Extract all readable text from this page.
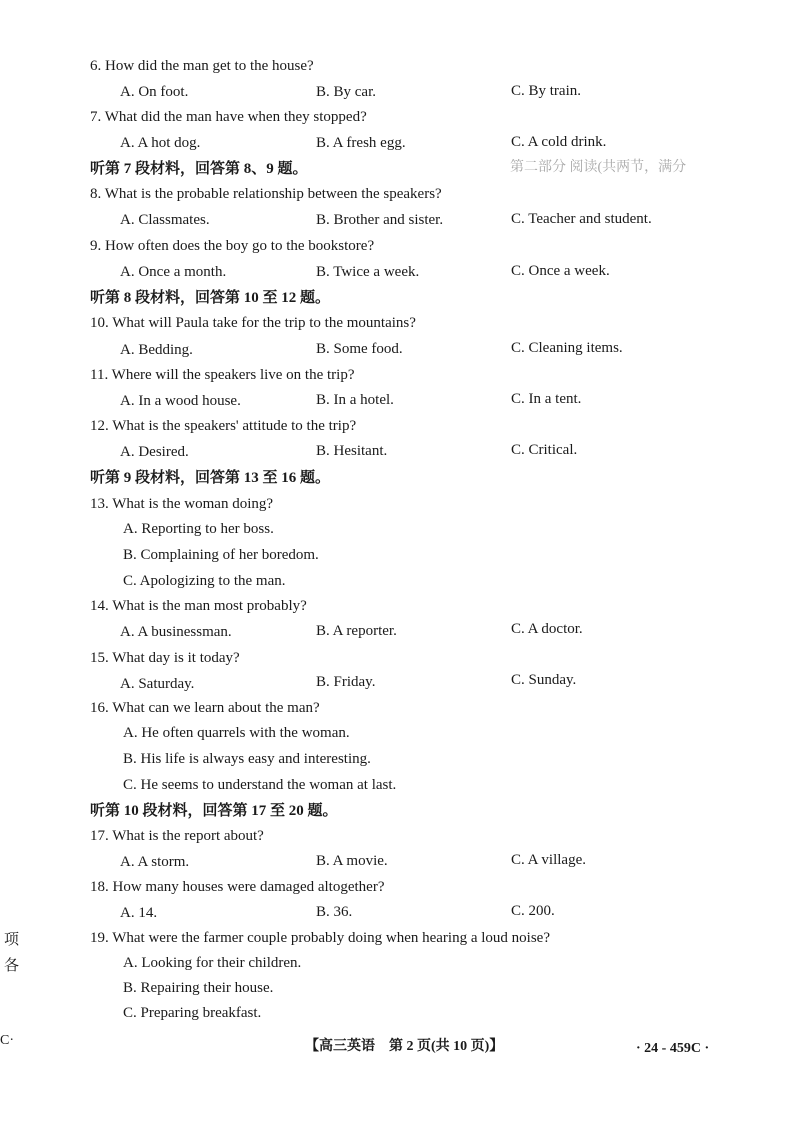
6. How did the man get to the house?
A. On foot.	B. By car.	C. By train.
7. What did the man have when they stopped?
A. A hot dog.	B. A fresh egg.	C. A cold drink.
听第 7 段材料，回答第 8、9 题。	第二部分 阅读(共两节，满分
8. What is the probable relationship between the speakers?
A. Classmates.	B. Brother and sister.	C. Teacher and student.
9. How often does the boy go to the bookstore?
A. Once a month.	B. Twice a week.	C. Once a week.
听第 8 段材料，回答第 10 至 12 题。
10. What will Paula take for the trip to the mountains?
A. Bedding.	B. Some food.	C. Cleaning items.
11. Where will the speakers live on the trip?
A. In a wood house.	B. In a hotel.	C. In a tent.
12. What is the speakers' attitude to the trip?
A. Desired.	B. Hesitant.	C. Critical.
听第 9 段材料，回答第 13 至 16 题。
13. What is the woman doing?
A. Reporting to her boss.
B. Complaining of her boredom.
C. Apologizing to the man.
14. What is the man most probably?
A. A businessman.	B. A reporter.	C. A doctor.
15. What day is it today?
A. Saturday.	B. Friday.	C. Sunday.
16. What can we learn about the man?
A. He often quarrels with the woman.
B. His life is always easy and interesting.
C. He seems to understand the woman at last.
听第 10 段材料，回答第 17 至 20 题。
17. What is the report about?
A. A storm.	B. A movie.	C. A village.
18. How many houses were damaged altogether?
A. 14.	B. 36.	C. 200.
19. What were the farmer couple probably doing when hearing a loud noise?
A. Looking for their children.
B. Repairing their house.
C. Preparing breakfast.
项
各
C·	【高三英语　第 2 页(共 10 页)】	· 24 - 459C ·
